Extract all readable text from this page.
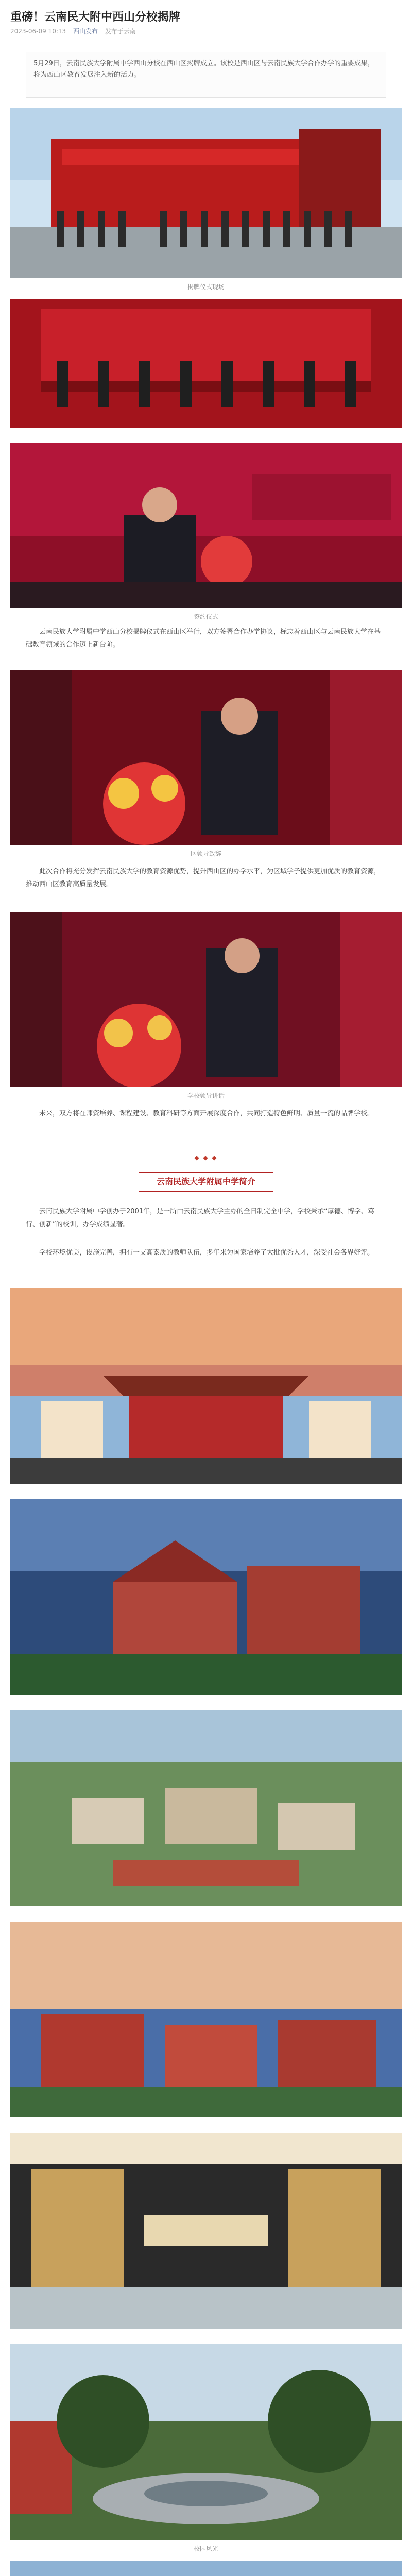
重磅！云南民大附中西山分校揭牌
2023-06-09 10:13 西山发布 发布于云南
5月29日，云南民族大学附属中学西山分校在西山区揭牌成立。该校是西山区与云南民族大学合作办学的重要成果，将为西山区教育发展注入新的活力。
揭牌仪式现场
签约仪式
云南民族大学附属中学西山分校揭牌仪式在西山区举行，双方签署合作办学协议，标志着西山区与云南民族大学在基础教育领域的合作迈上新台阶。
区领导致辞
此次合作将充分发挥云南民族大学的教育资源优势，提升西山区的办学水平，为区域学子提供更加优质的教育资源，推动西山区教育高质量发展。
学校领导讲话
未来，双方将在师资培养、课程建设、教育科研等方面开展深度合作，共同打造特色鲜明、质量一流的品牌学校。
◆ ◆ ◆
云南民族大学附属中学简介
云南民族大学附属中学创办于2001年，是一所由云南民族大学主办的全日制完全中学，学校秉承“厚德、博学、笃行、创新”的校训，办学成绩显著。
学校环境优美，设施完善，拥有一支高素质的教师队伍，多年来为国家培养了大批优秀人才，深受社会各界好评。
校园风光
